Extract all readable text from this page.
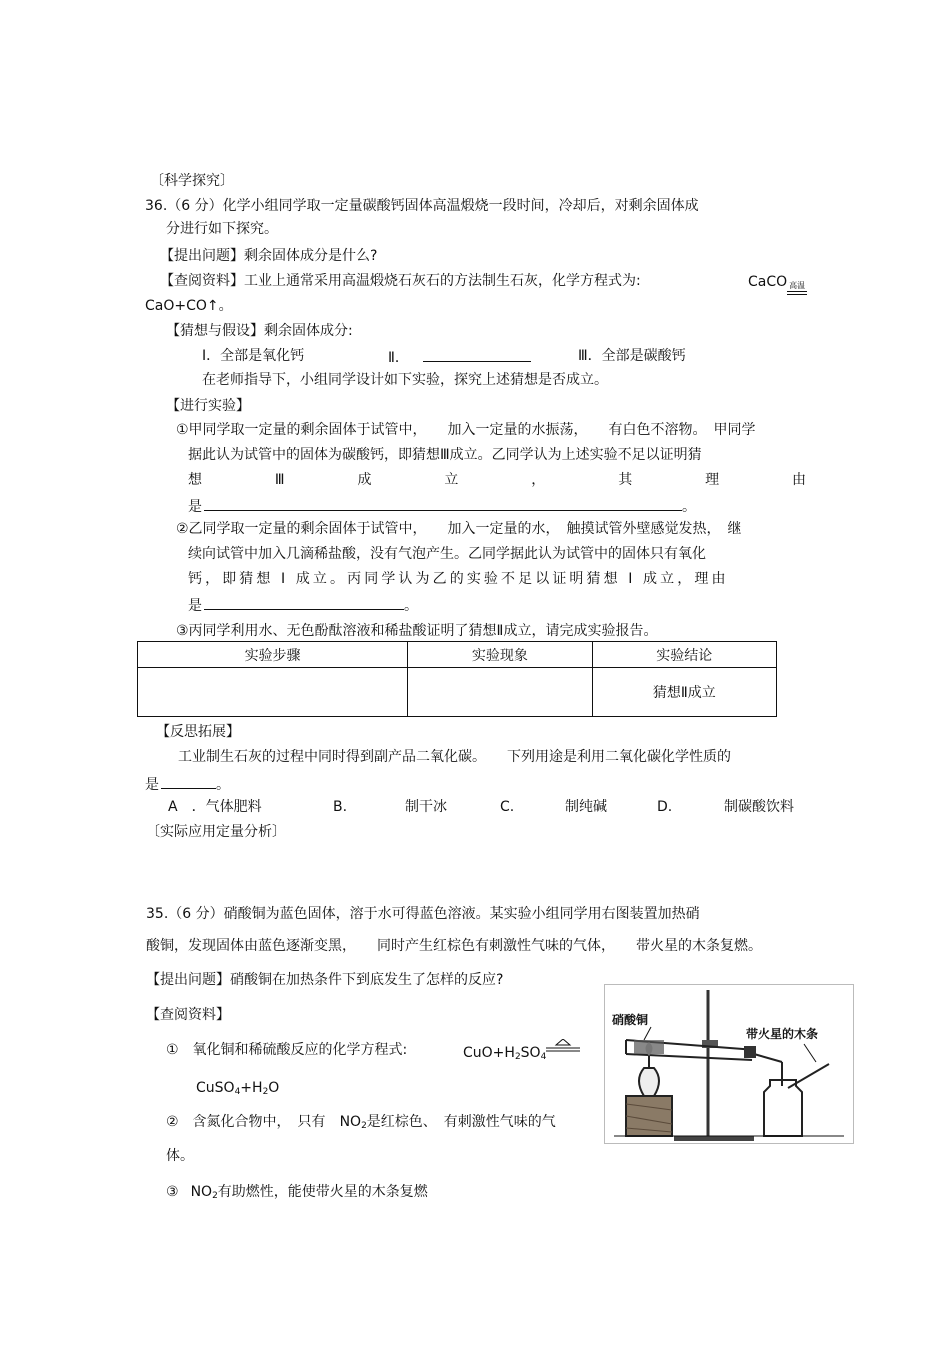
〔科学探究〕
36.（6 分）化学小组同学取一定量碳酸钙固体高温煅烧一段时间，冷却后，对剩余固体成
分进行如下探究。
【提出问题】剩余固体成分是什么?
【查阅资料】工业上通常采用高温煅烧石灰石的方法制生石灰，化学方程式为:	CaCO 高温
CaO+CO↑。
【猜想与假设】剩余固体成分:
I．全部是氧化钙	Ⅱ．	Ⅲ．全部是碳酸钙
在老师指导下，小组同学设计如下实验，探究上述猜想是否成立。
【进行实验】
①甲同学取一定量的剩余固体于试管中，　　加入一定量的水振荡，　　有白色不溶物。　甲同学
据此认为试管中的固体为碳酸钙，即猜想Ⅲ成立。乙同学认为上述实验不足以证明猜
想	Ⅲ	成	立	，	其	理	由
是	。
②乙同学取一定量的剩余固体于试管中，　　加入一定量的水，　触摸试管外壁感觉发热，　继
续向试管中加入几滴稀盐酸，没有气泡产生。乙同学据此认为试管中的固体只有氧化
钙，即猜想 I 成立。丙同学认为乙的实验不足以证明猜想 I 成立，理由
是	。
③丙同学利用水、无色酚酞溶液和稀盐酸证明了猜想Ⅱ成立，请完成实验报告。
实验步骤	实验现象	实验结论
		猜想Ⅱ成立
【反思拓展】
工业制生石灰的过程中同时得到副产品二氧化碳。　　下列用途是利用二氧化碳化学性质的
是	。
A　．气体肥料	B.	制干冰	C.	制纯碱	D.	制碳酸饮料
〔实际应用定量分析〕
35.（6 分）硝酸铜为蓝色固体，溶于水可得蓝色溶液。某实验小组同学用右图装置加热硝
酸铜，发现固体由蓝色逐渐变黑，　　同时产生红棕色有刺激性气味的气体，　　带火星的木条复燃。
【提出问题】硝酸铜在加热条件下到底发生了怎样的反应?
【查阅资料】
①　氧化铜和稀硫酸反应的化学方程式:	$CuO+H_2SO_4$
$CuSO_4+H_2O$
②　含氮化合物中，　只有 $NO_2$是红棕色、　有刺激性气味的气
体。
③ $NO_2$有助燃性，能使带火星的木条复燃
硝酸铜
带火星的木条
